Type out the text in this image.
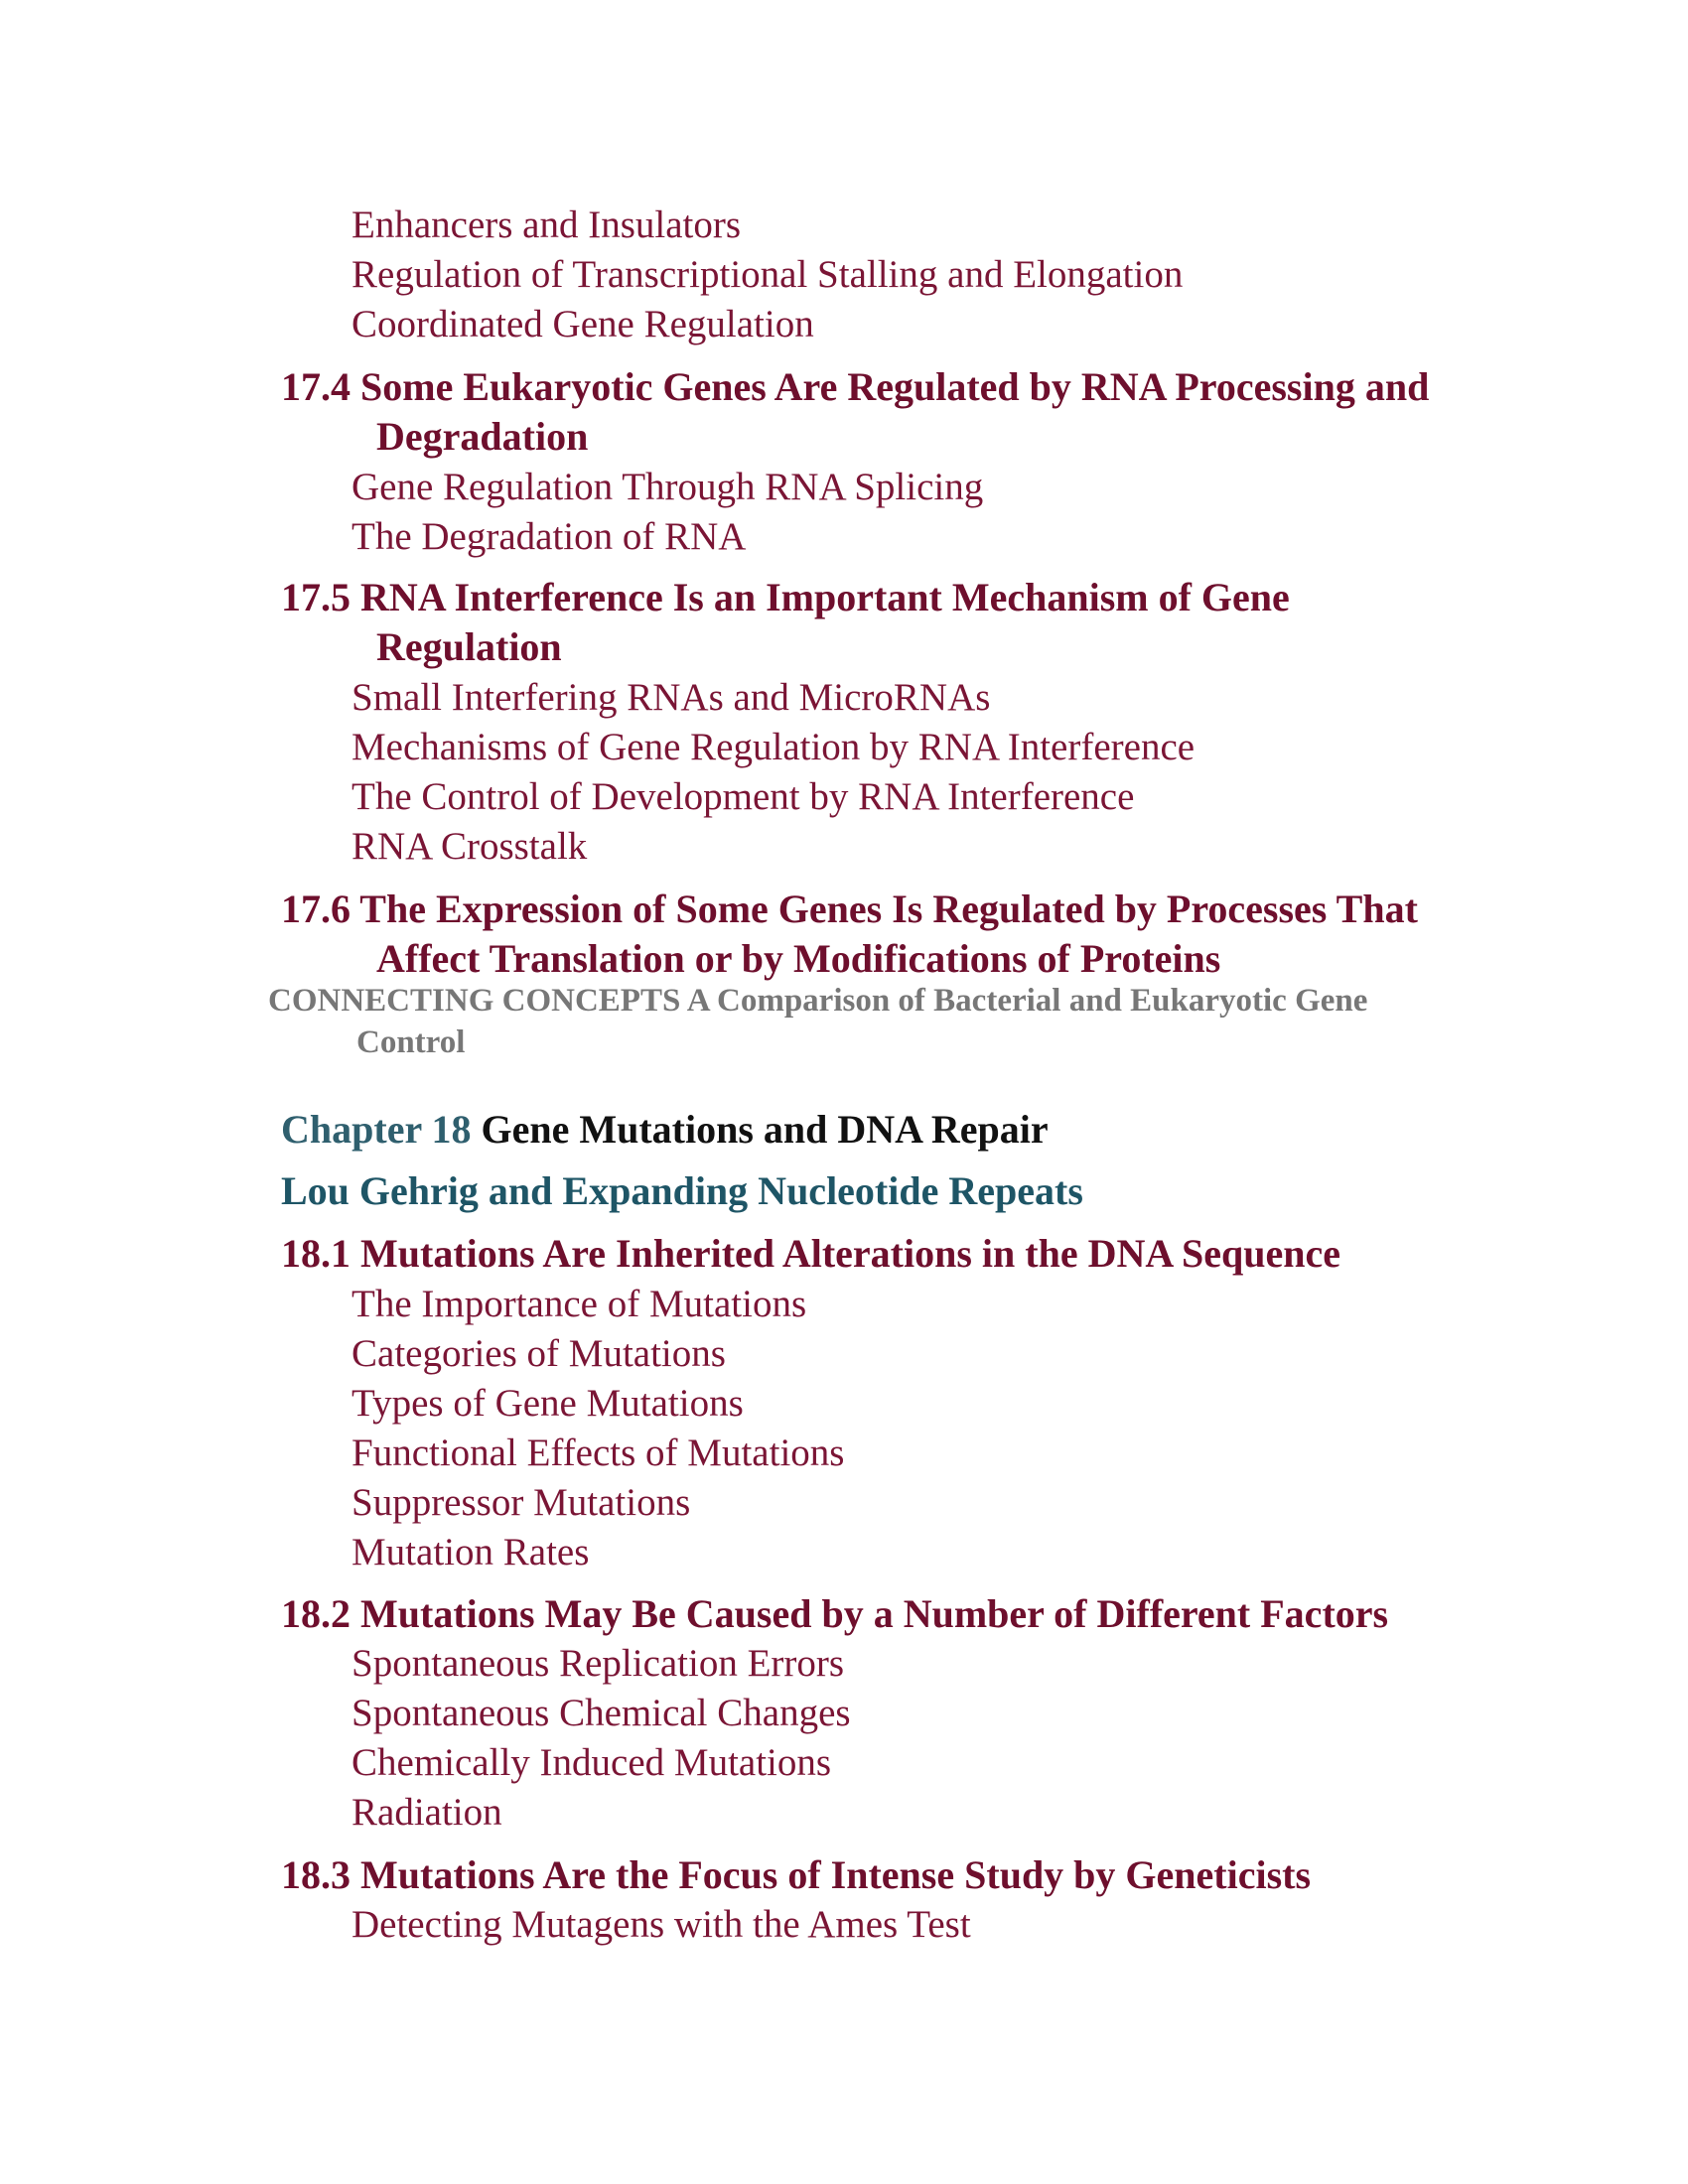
Enhancers and Insulators
Regulation of Transcriptional Stalling and Elongation
Coordinated Gene Regulation
17.4 Some Eukaryotic Genes Are Regulated by RNA Processing and
Degradation
Gene Regulation Through RNA Splicing
The Degradation of RNA
17.5 RNA Interference Is an Important Mechanism of Gene
Regulation
Small Interfering RNAs and MicroRNAs
Mechanisms of Gene Regulation by RNA Interference
The Control of Development by RNA Interference
RNA Crosstalk
17.6 The Expression of Some Genes Is Regulated by Processes That
Affect Translation or by Modifications of Proteins
CONNECTING CONCEPTS A Comparison of Bacterial and Eukaryotic Gene
Control
Chapter 18 Gene Mutations and DNA Repair
Lou Gehrig and Expanding Nucleotide Repeats
18.1 Mutations Are Inherited Alterations in the DNA Sequence
The Importance of Mutations
Categories of Mutations
Types of Gene Mutations
Functional Effects of Mutations
Suppressor Mutations
Mutation Rates
18.2 Mutations May Be Caused by a Number of Different Factors
Spontaneous Replication Errors
Spontaneous Chemical Changes
Chemically Induced Mutations
Radiation
18.3 Mutations Are the Focus of Intense Study by Geneticists
Detecting Mutagens with the Ames Test
